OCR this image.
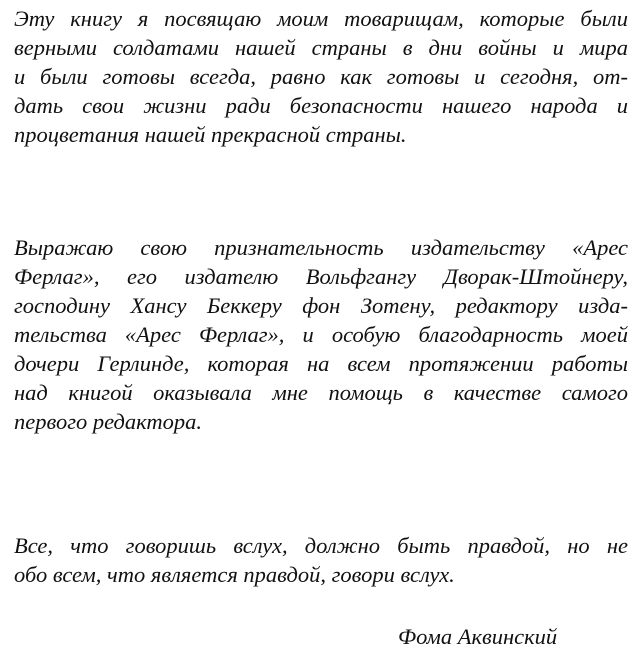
Эту книгу я посвящаю моим товарищам, которые были
верными солдатами нашей страны в дни войны и мира
и были готовы всегда, равно как готовы и сегодня, от-
дать свои жизни ради безопасности нашего народа и
процветания нашей прекрасной страны.

Выражаю свою признательность издательству «Арес
Ферлаг», его издателю Вольфгангу Дворак-Штойнеру,
господину Хансу Беккеру фон Зотену, редактору изда-
тельства «Арес Ферлаг», и особую благодарность моей
дочери Герлинде, которая на всем протяжении работы
над книгой оказывала мне помощь в качестве самого
первого редактора.

Все, что говоришь вслух, должно быть правдой, но не
обо всем, что является правдой, говори вслух.

Фома Аквинский
